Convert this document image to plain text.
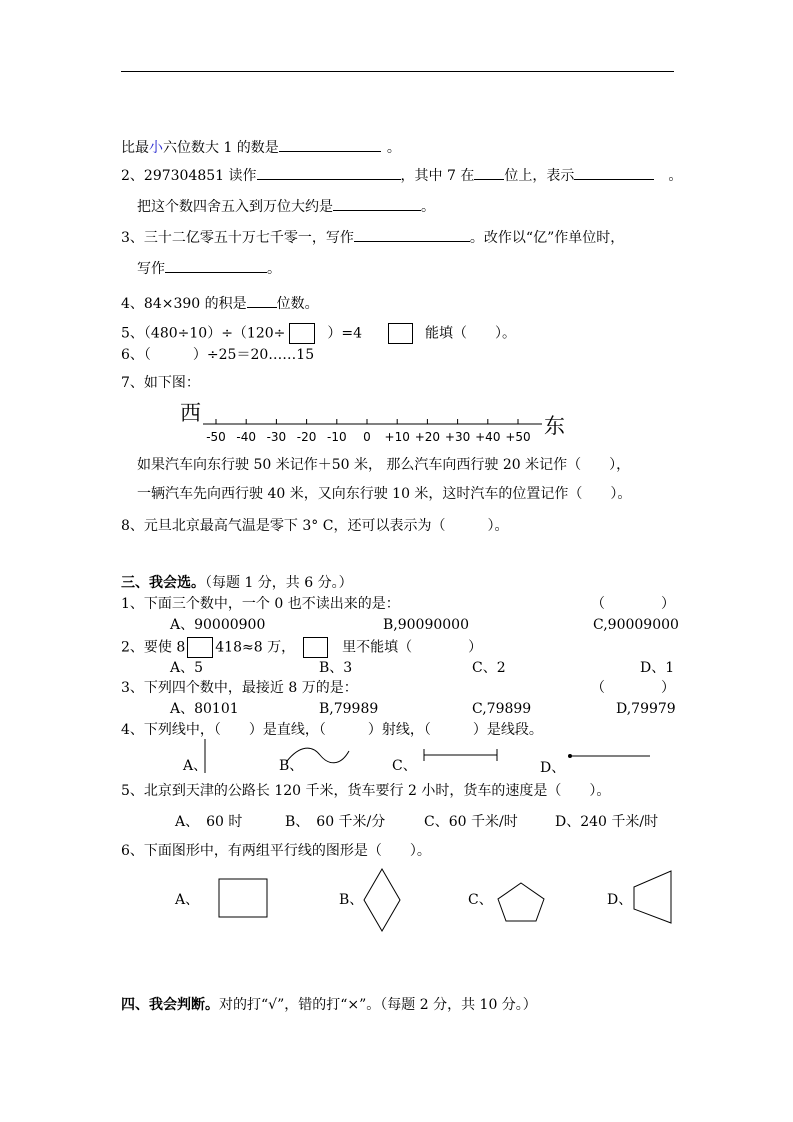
比最小六位数大 1 的数是	。
2、297304851 读作	，其中 7 在 位上，表示	。
把这个数四舍五入到万位大约是	。
3、三十二亿零五十万七千零一，写作	。改作以“亿”作单位时，
写作	。
4、84×390 的积是 位数。
5、（480÷10）÷（120÷	）=4	能填（　　）。
6、（　　　）÷25＝20……15
7、如下图：
西
东
-50 -40 -30 -20 -10 0 +10 +20 +30 +40 +50
如果汽车向东行驶 50 米记作＋50 米， 那么汽车向西行驶 20 米记作（　　），
一辆汽车先向西行驶 40 米，又向东行驶 10 米，这时汽车的位置记作（　　）。
8、元旦北京最高气温是零下 3° C，还可以表示为（　　　）。
三、我会选。（每题 1 分，共 6 分。）
1、下面三个数中，一个 0 也不读出来的是：	（　　　　）
A、90000900	B,90090000	C,90009000
2、要使 8 418≈8 万，	里不能填（　　　　）
A、5	B、3	C、2	D、1
3、下列四个数中，最接近 8 万的是：	（　　　　）
A、80101	B,79989	C,79899	D,79979
4、下列线中，（　　）是直线，（　　　）射线，（　　　）是线段。
A、	B、	C、	D、
5、北京到天津的公路长 120 千米，货车要行 2 小时，货车的速度是（　　）。
A、　60 时	B、　60 千米/分	C、60 千米/时	D、240 千米/时
6、下面图形中，有两组平行线的图形是（　　）。
A、	B、	C、	D、
四、我会判断。对的打“√”，错的打“×”。（每题 2 分，共 10 分。）
